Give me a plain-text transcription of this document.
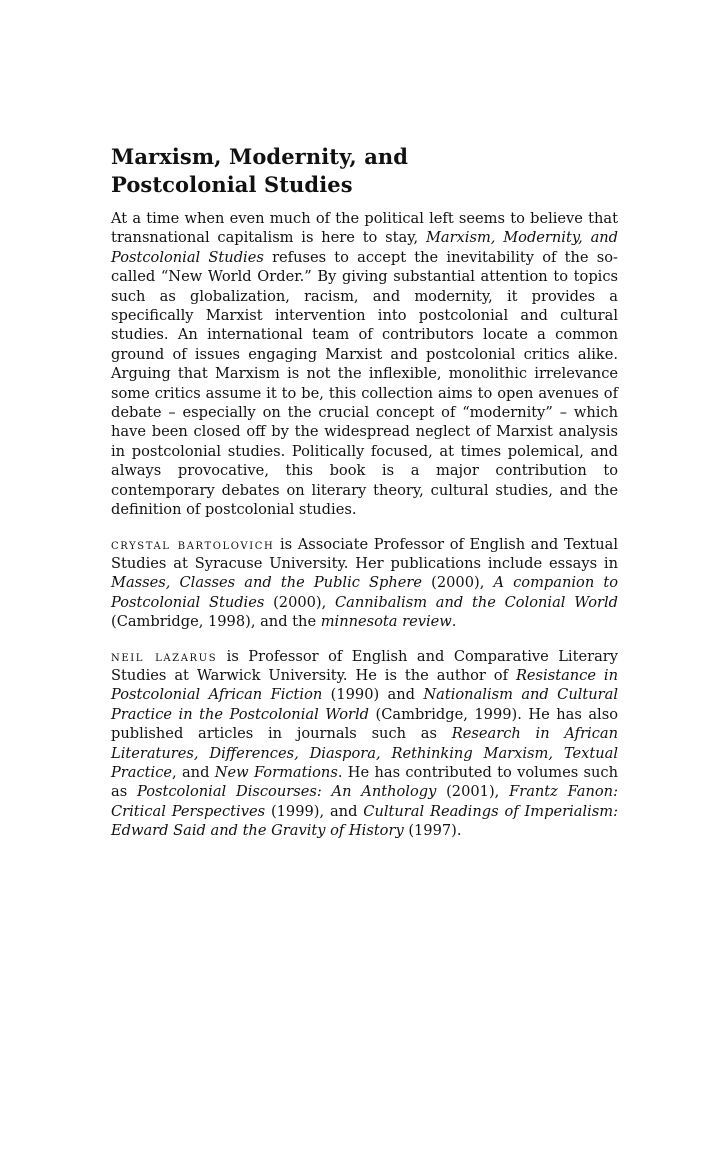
Marxism, Modernity, and
Postcolonial Studies

At a time when even much of the political left seems to believe that transnational capitalism is here to stay, Marxism, Modernity, and Postcolonial Studies refuses to accept the inevitability of the so-called “New World Order.” By giving substantial attention to topics such as globalization, racism, and modernity, it provides a specifically Marxist intervention into postcolonial and cultural studies. An international team of contributors locate a common ground of issues engaging Marxist and postcolonial critics alike. Arguing that Marxism is not the inflexible, monolithic irrelevance some critics assume it to be, this collection aims to open avenues of debate – especially on the crucial concept of “modernity” – which have been closed off by the widespread neglect of Marxist analysis in postcolonial studies. Politically focused, at times polemical, and always provocative, this book is a major contribution to contemporary debates on literary theory, cultural studies, and the definition of postcolonial studies.

crystal bartolovich is Associate Professor of English and Textual Studies at Syracuse University. Her publications include essays in Masses, Classes and the Public Sphere (2000), A companion to Postcolonial Studies (2000), Cannibalism and the Colonial World (Cambridge, 1998), and the minnesota review.

neil lazarus is Professor of English and Comparative Literary Studies at Warwick University. He is the author of Resistance in Postcolonial African Fiction (1990) and Nationalism and Cultural Practice in the Postcolonial World (Cambridge, 1999). He has also published articles in journals such as Research in African Literatures, Differences, Diaspora, Rethinking Marxism, Textual Practice, and New Formations. He has contributed to volumes such as Postcolonial Discourses: An Anthology (2001), Frantz Fanon: Critical Perspectives (1999), and Cultural Readings of Imperialism: Edward Said and the Gravity of History (1997).
